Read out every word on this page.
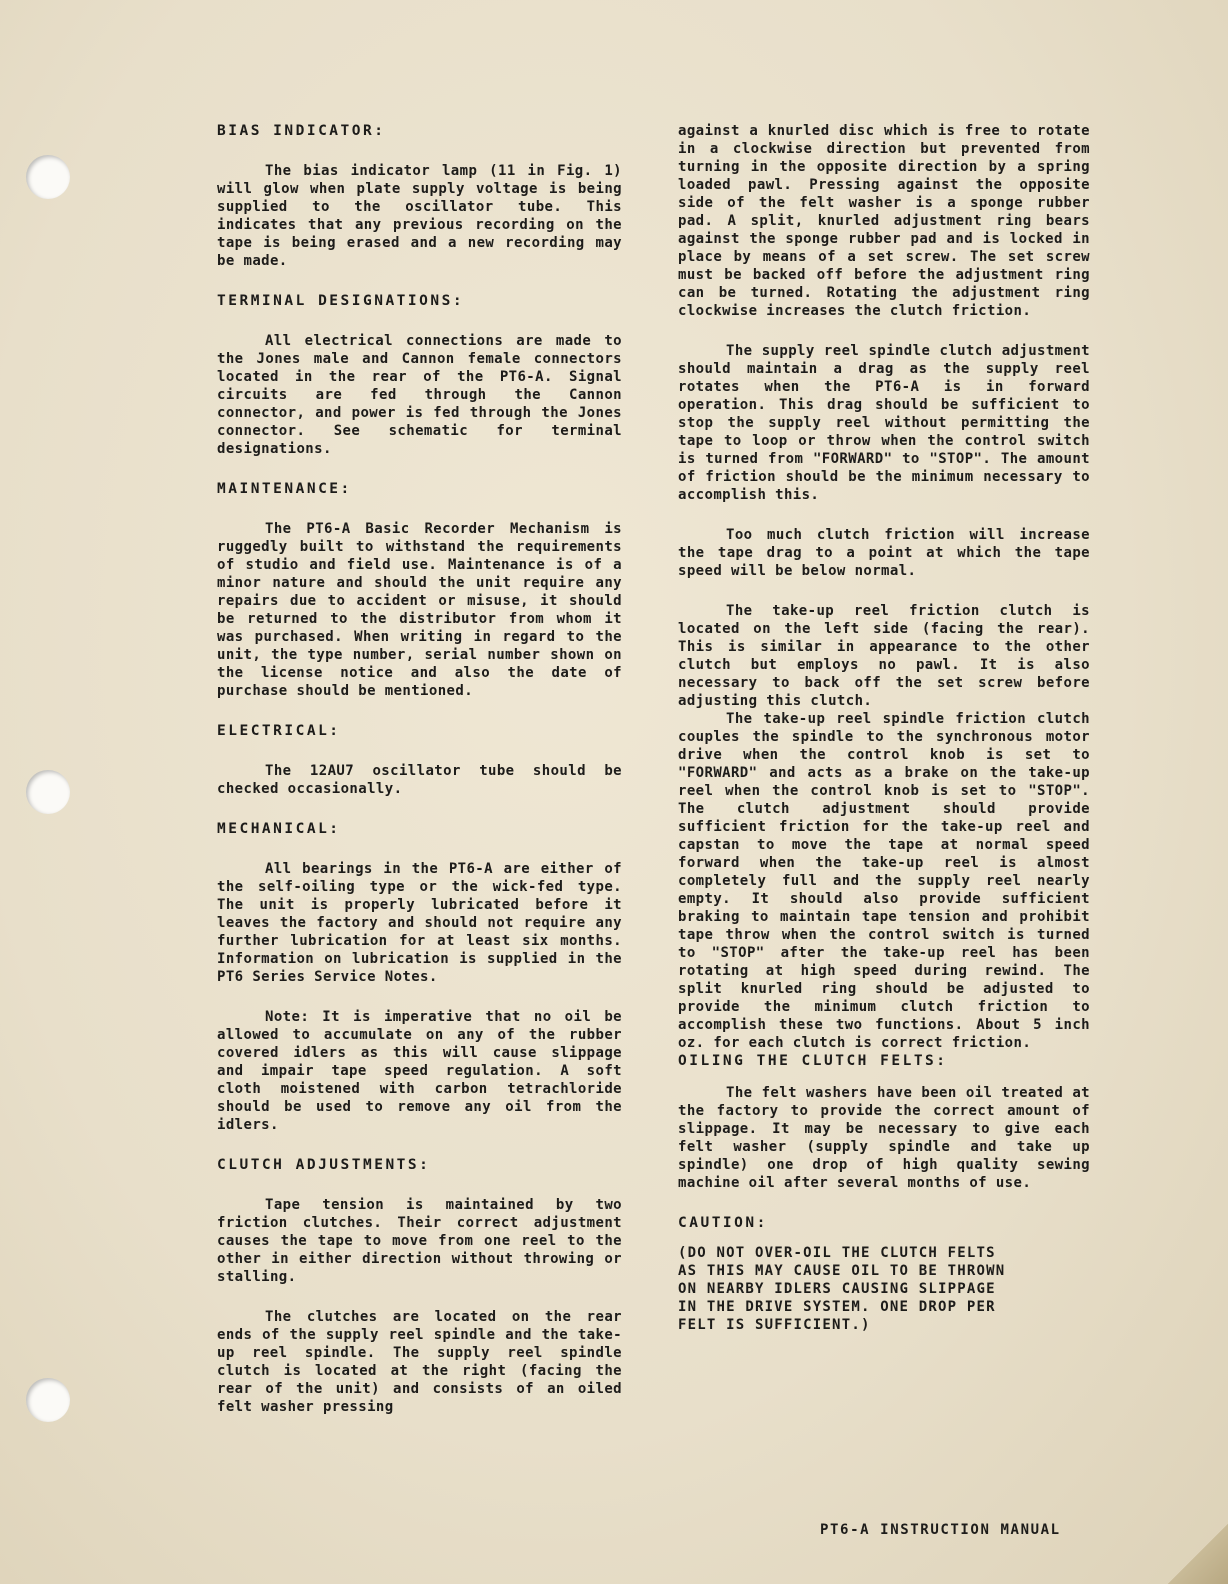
BIAS INDICATOR:

The bias indicator lamp (11 in Fig. 1) will glow when plate supply voltage is being supplied to the oscillator tube. This indicates that any previous recording on the tape is being erased and a new recording may be made.

TERMINAL DESIGNATIONS:

All electrical connections are made to the Jones male and Cannon female connectors located in the rear of the PT6-A. Signal circuits are fed through the Cannon connector, and power is fed through the Jones connector. See schematic for terminal designations.

MAINTENANCE:

The PT6-A Basic Recorder Mechanism is ruggedly built to withstand the requirements of studio and field use. Maintenance is of a minor nature and should the unit require any repairs due to accident or misuse, it should be returned to the distributor from whom it was purchased. When writing in regard to the unit, the type number, serial number shown on the license notice and also the date of purchase should be mentioned.

ELECTRICAL:

The 12AU7 oscillator tube should be checked occasionally.

MECHANICAL:

All bearings in the PT6-A are either of the self-oiling type or the wick-fed type. The unit is properly lubricated before it leaves the factory and should not require any further lubrication for at least six months. Information on lubrication is supplied in the PT6 Series Service Notes.

Note: It is imperative that no oil be allowed to accumulate on any of the rubber covered idlers as this will cause slippage and impair tape speed regulation. A soft cloth moistened with carbon tetrachloride should be used to remove any oil from the idlers.

CLUTCH ADJUSTMENTS:

Tape tension is maintained by two friction clutches. Their correct adjustment causes the tape to move from one reel to the other in either direction without throwing or stalling.

The clutches are located on the rear ends of the supply reel spindle and the take-up reel spindle. The supply reel spindle clutch is located at the right (facing the rear of the unit) and consists of an oiled felt washer pressing

against a knurled disc which is free to rotate in a clockwise direction but prevented from turning in the opposite direction by a spring loaded pawl. Pressing against the opposite side of the felt washer is a sponge rubber pad. A split, knurled adjustment ring bears against the sponge rubber pad and is locked in place by means of a set screw. The set screw must be backed off before the adjustment ring can be turned. Rotating the adjustment ring clockwise increases the clutch friction.

The supply reel spindle clutch adjustment should maintain a drag as the supply reel rotates when the PT6-A is in forward operation. This drag should be sufficient to stop the supply reel without permitting the tape to loop or throw when the control switch is turned from "FORWARD" to "STOP". The amount of friction should be the minimum necessary to accomplish this.

Too much clutch friction will increase the tape drag to a point at which the tape speed will be below normal.

The take-up reel friction clutch is located on the left side (facing the rear). This is similar in appearance to the other clutch but employs no pawl. It is also necessary to back off the set screw before adjusting this clutch.

The take-up reel spindle friction clutch couples the spindle to the synchronous motor drive when the control knob is set to "FORWARD" and acts as a brake on the take-up reel when the control knob is set to "STOP". The clutch adjustment should provide sufficient friction for the take-up reel and capstan to move the tape at normal speed forward when the take-up reel is almost completely full and the supply reel nearly empty. It should also provide sufficient braking to maintain tape tension and prohibit tape throw when the control switch is turned to "STOP" after the take-up reel has been rotating at high speed during rewind. The split knurled ring should be adjusted to provide the minimum clutch friction to accomplish these two functions. About 5 inch oz. for each clutch is correct friction.

OILING THE CLUTCH FELTS:

The felt washers have been oil treated at the factory to provide the correct amount of slippage. It may be necessary to give each felt washer (supply spindle and take up spindle) one drop of high quality sewing machine oil after several months of use.

CAUTION:

(DO NOT OVER-OIL THE CLUTCH FELTS
AS THIS MAY CAUSE OIL TO BE THROWN
ON NEARBY IDLERS CAUSING SLIPPAGE
IN THE DRIVE SYSTEM. ONE DROP PER
FELT IS SUFFICIENT.)

PT6-A INSTRUCTION MANUAL
